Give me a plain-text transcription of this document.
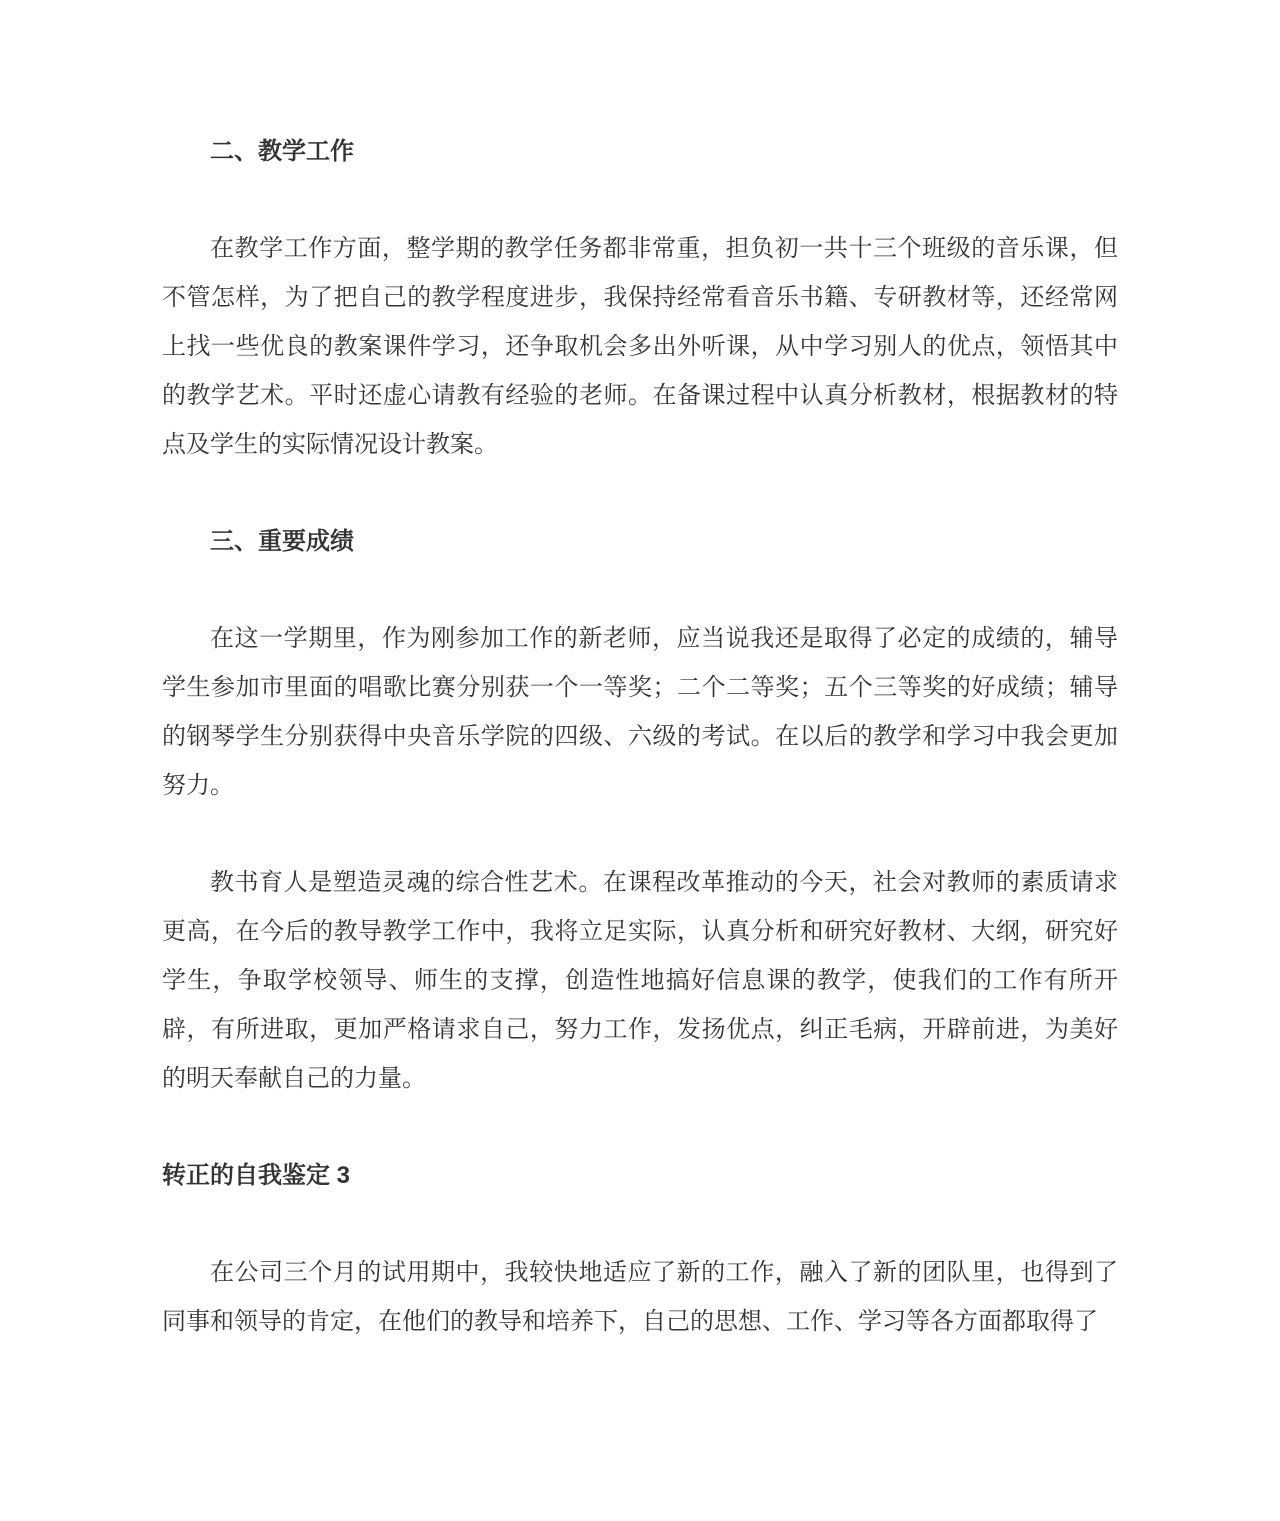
二、教学工作

在教学工作方面，整学期的教学任务都非常重，担负初一共十三个班级的音乐课，但不管怎样，为了把自己的教学程度进步，我保持经常看音乐书籍、专研教材等，还经常网上找一些优良的教案课件学习，还争取机会多出外听课，从中学习别人的优点，领悟其中的教学艺术。平时还虚心请教有经验的老师。在备课过程中认真分析教材，根据教材的特点及学生的实际情况设计教案。

三、重要成绩

在这一学期里，作为刚参加工作的新老师，应当说我还是取得了必定的成绩的，辅导学生参加市里面的唱歌比赛分别获一个一等奖；二个二等奖；五个三等奖的好成绩；辅导的钢琴学生分别获得中央音乐学院的四级、六级的考试。在以后的教学和学习中我会更加努力。

教书育人是塑造灵魂的综合性艺术。在课程改革推动的今天，社会对教师的素质请求更高，在今后的教导教学工作中，我将立足实际，认真分析和研究好教材、大纲，研究好学生，争取学校领导、师生的支撑，创造性地搞好信息课的教学，使我们的工作有所开辟，有所进取，更加严格请求自己，努力工作，发扬优点，纠正毛病，开辟前进，为美好的明天奉献自己的力量。

转正的自我鉴定 3

在公司三个月的试用期中，我较快地适应了新的工作，融入了新的团队里，也得到了同事和领导的肯定，在他们的教导和培养下，自己的思想、工作、学习等各方面都取得了
